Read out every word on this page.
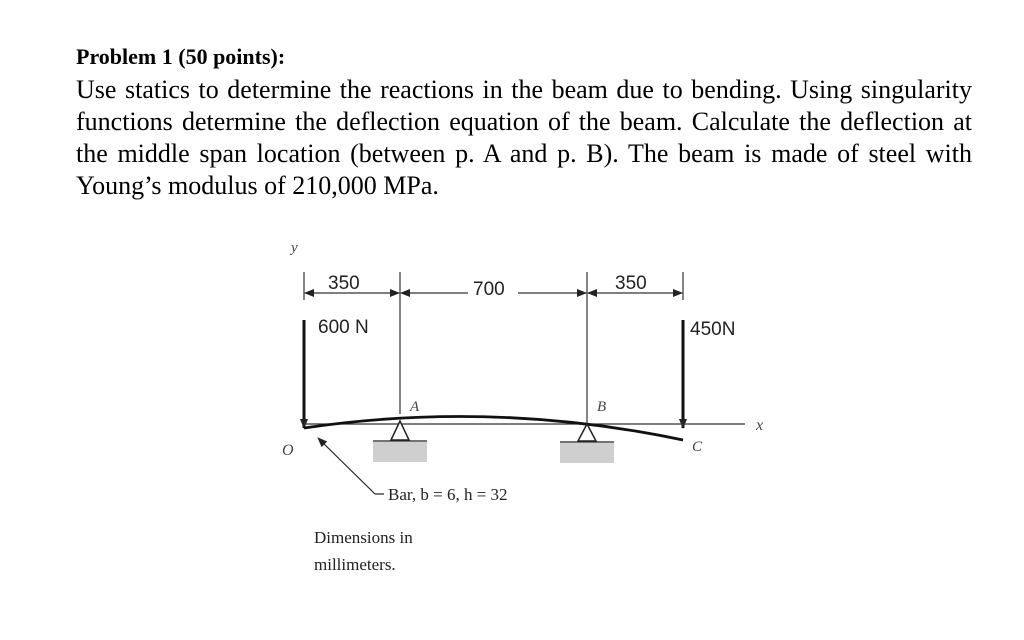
Problem 1 (50 points):
Use statics to determine the reactions in the beam due to bending. Using singularity functions determine the deflection equation of the beam. Calculate the deflection at the middle span location (between p. A and p. B). The beam is made of steel with Young’s modulus of 210,000 MPa.
y
350	700	350
600 N	450N
x
O
A	B
C
Bar, b = 6, h = 32
Dimensions in
millimeters.
